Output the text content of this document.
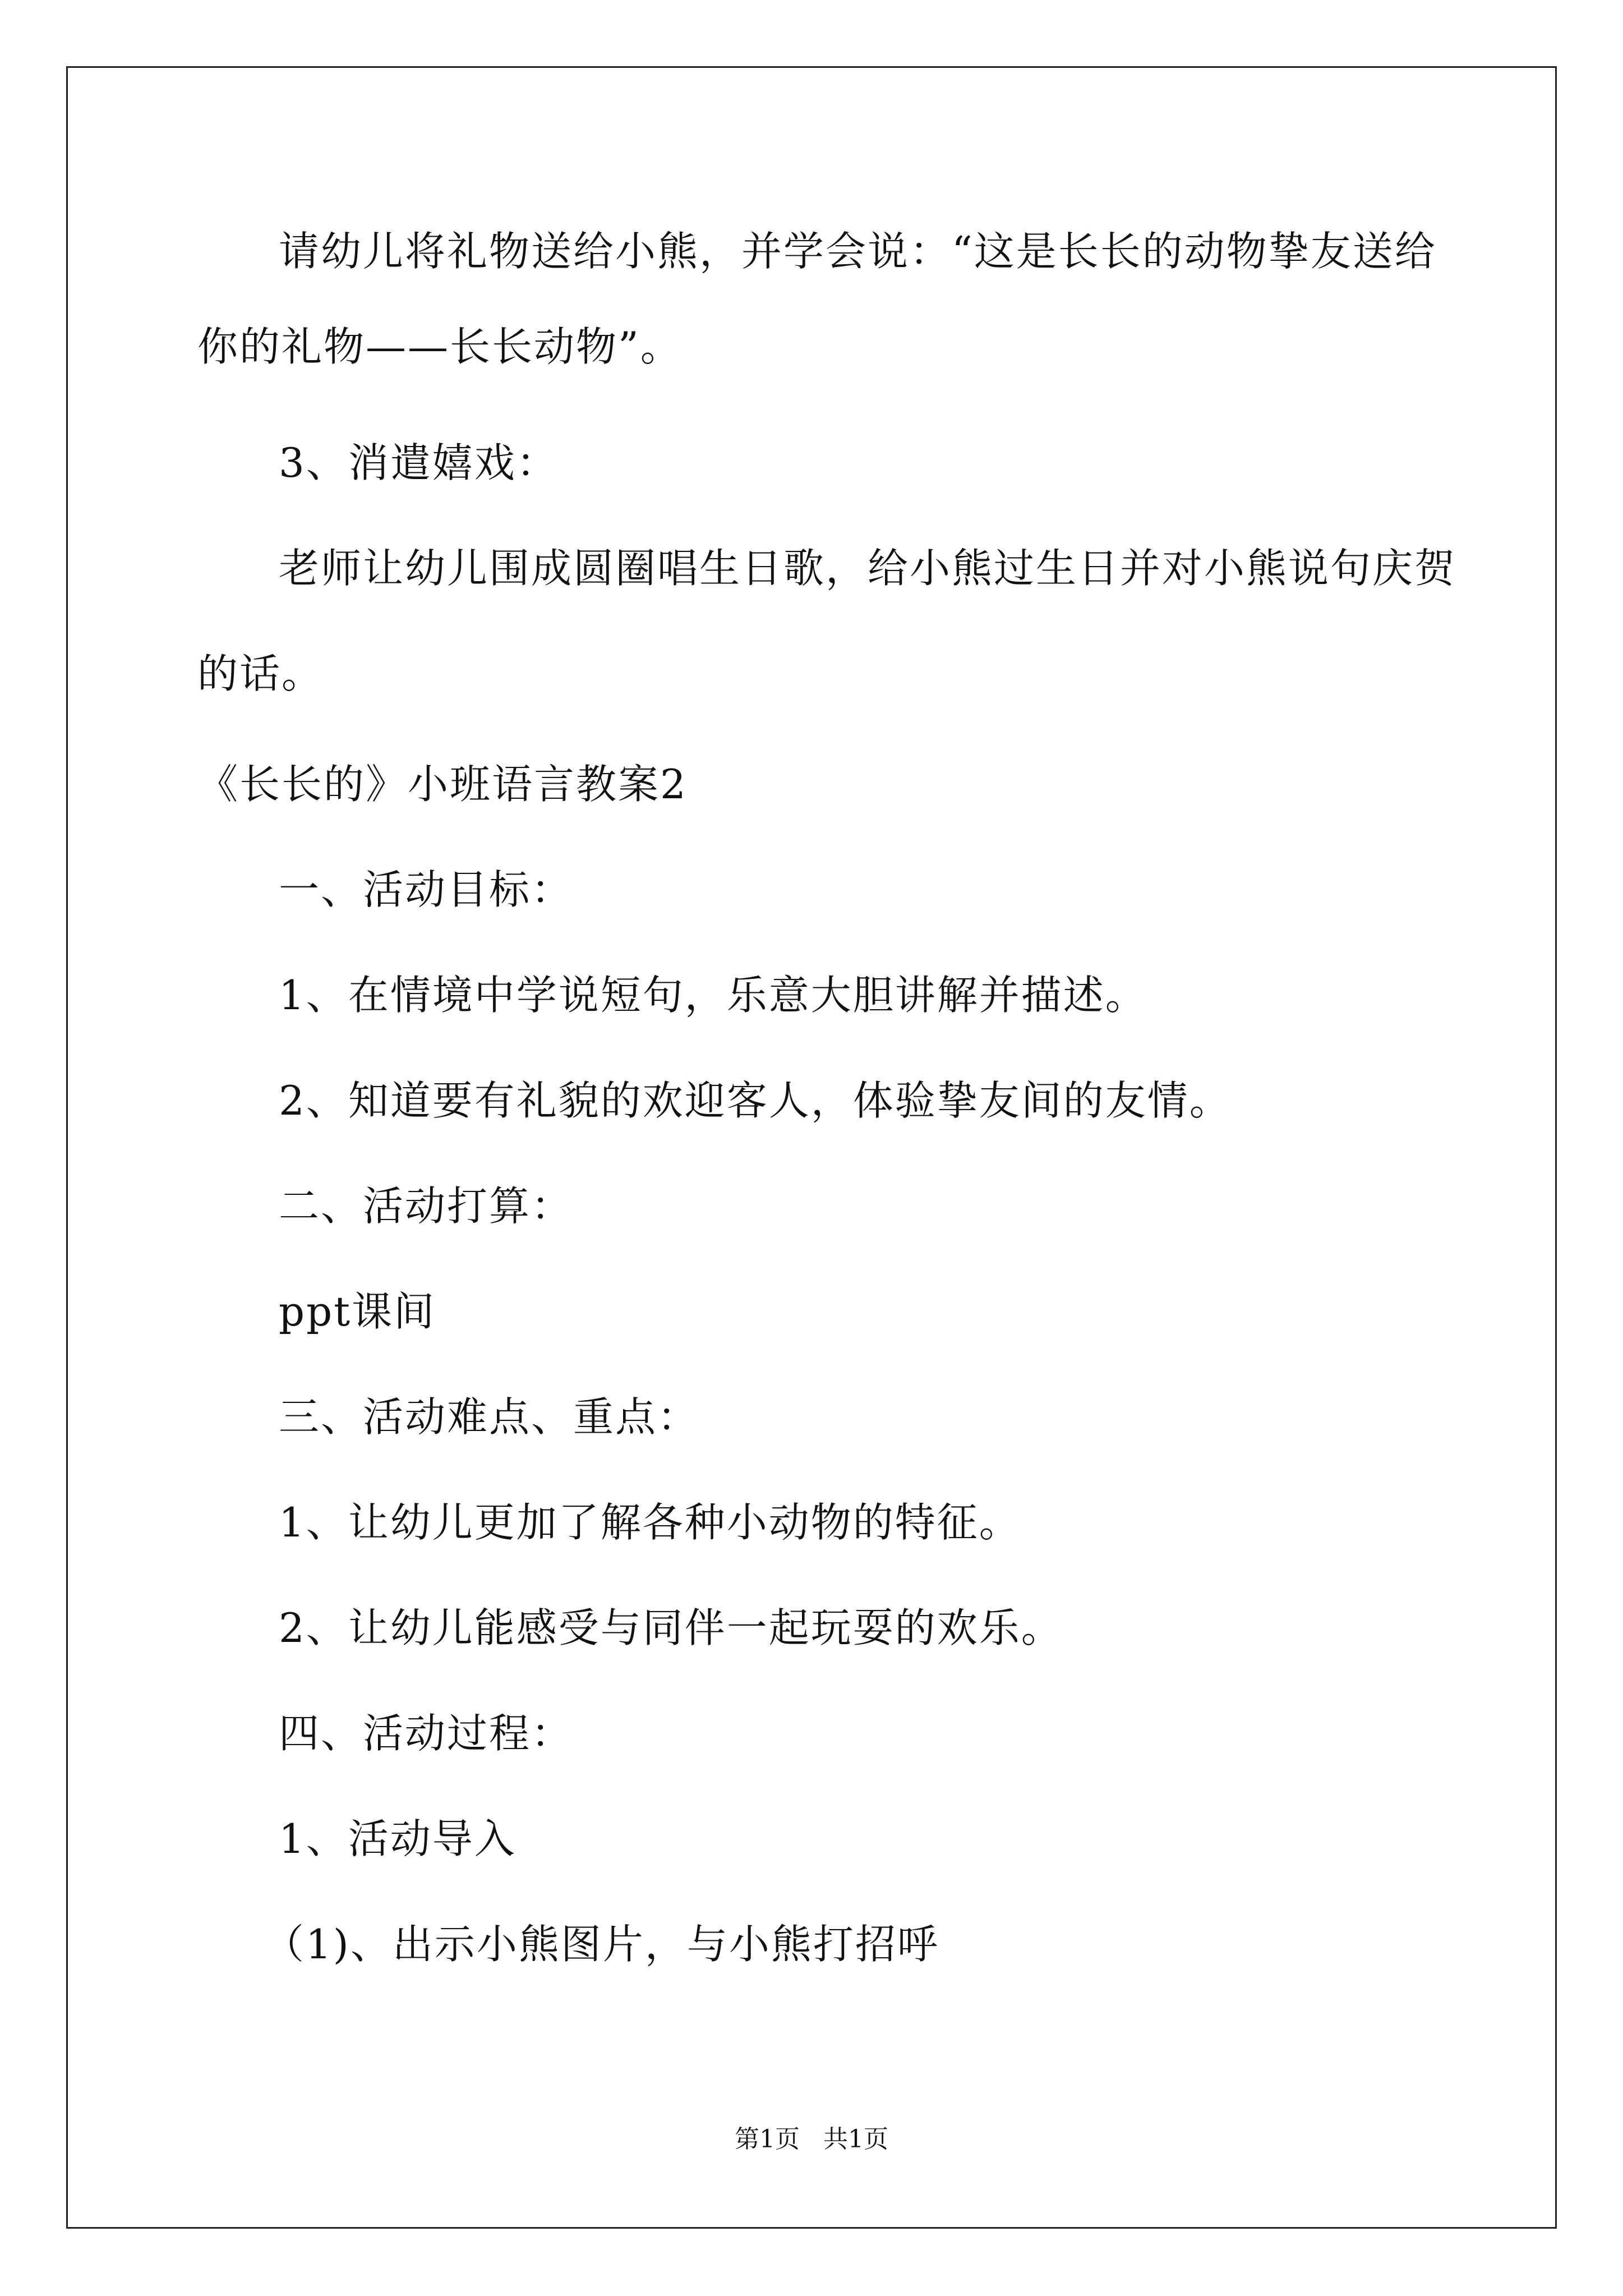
请幼儿将礼物送给小熊，并学会说：“这是长长的动物挚友送给
你的礼物——长长动物”。
3、消遣嬉戏：
老师让幼儿围成圆圈唱生日歌，给小熊过生日并对小熊说句庆贺
的话。
《长长的》小班语言教案2
一、活动目标：
1、在情境中学说短句，乐意大胆讲解并描述。
2、知道要有礼貌的欢迎客人，体验挚友间的友情。
二、活动打算：
ppt课间
三、活动难点、重点：
1、让幼儿更加了解各种小动物的特征。
2、让幼儿能感受与同伴一起玩耍的欢乐。
四、活动过程：
1、活动导入
（1)、出示小熊图片，与小熊打招呼
第1页   共1页
